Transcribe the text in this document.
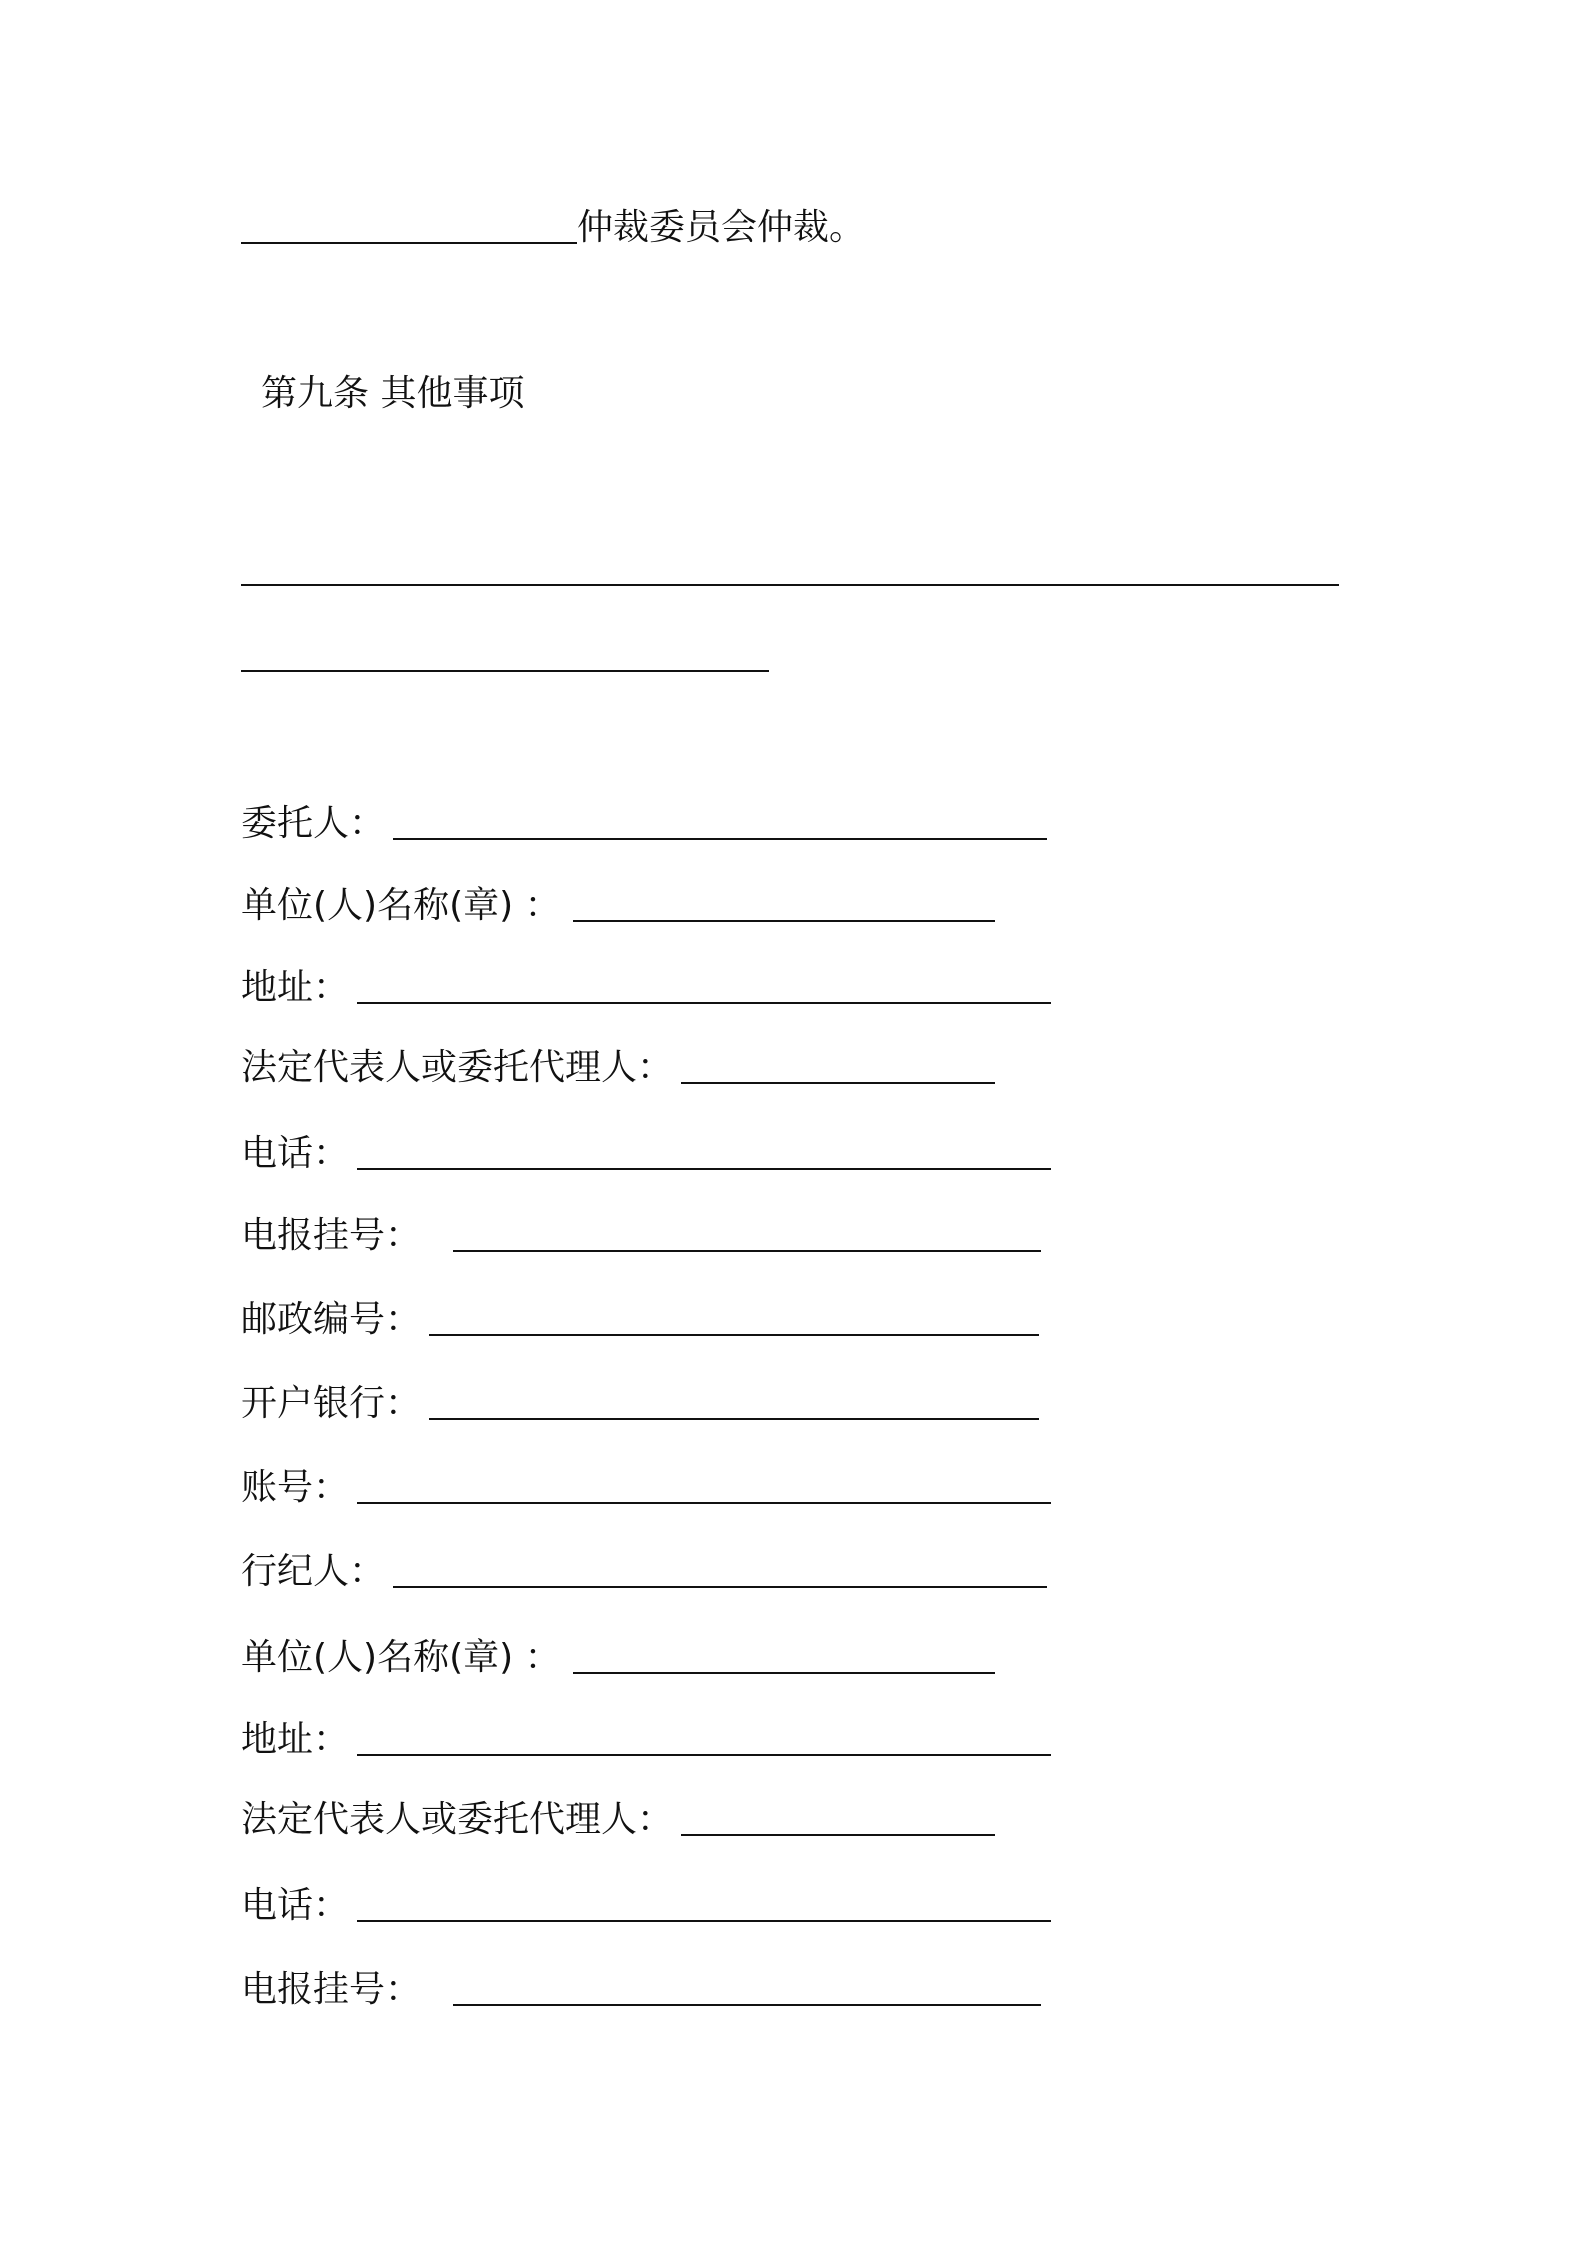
仲裁委员会仲裁。
第九条 其他事项
委托人：
单位(人)名称(章) ：
地址：
法定代表人或委托代理人：
电话：
电报挂号：
邮政编号：
开户银行：
账号：
行纪人：
单位(人)名称(章) ：
地址：
法定代表人或委托代理人：
电话：
电报挂号：
